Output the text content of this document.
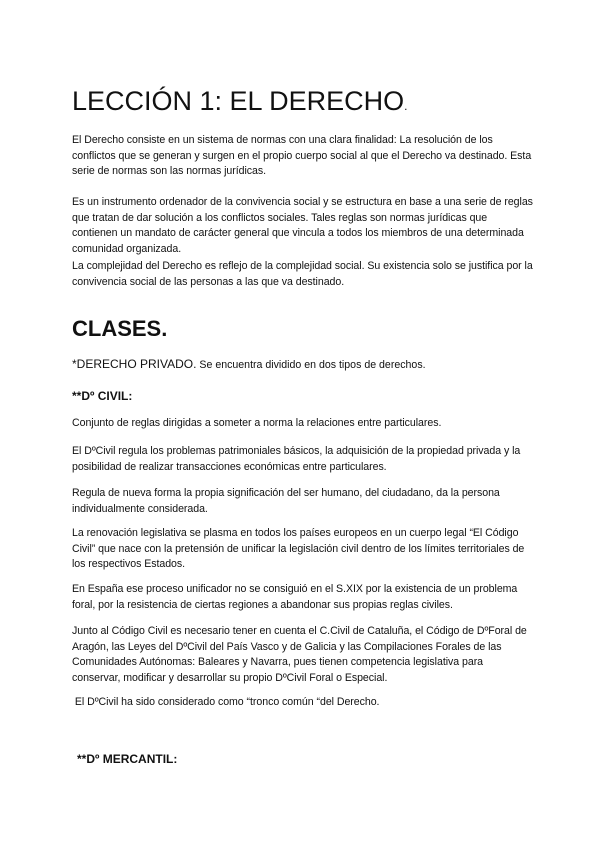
LECCIÓN 1: EL DERECHO.

El Derecho consiste en un sistema de normas con una clara finalidad: La resolución de los conflictos que se generan y surgen en el propio cuerpo social al que el Derecho va destinado. Esta serie de normas son las normas jurídicas.

Es un instrumento ordenador de la convivencia social y se estructura en base a una serie de reglas que tratan de dar solución a los conflictos sociales. Tales reglas son normas jurídicas que contienen un mandato de carácter general que vincula a todos los miembros de una determinada comunidad organizada.

La complejidad del Derecho es reflejo de la complejidad social. Su existencia solo se justifica por la convivencia social de las personas a las que va destinado.

CLASES.

*DERECHO PRIVADO. Se encuentra dividido en dos tipos de derechos.

**Dº CIVIL:

Conjunto de reglas dirigidas a someter a norma la relaciones entre particulares.

El DºCivil regula los problemas patrimoniales básicos, la adquisición de la propiedad privada y la posibilidad de realizar transacciones económicas entre particulares.

Regula de nueva forma la propia significación del ser humano, del ciudadano, da la persona individualmente considerada.

La renovación legislativa se plasma en todos los países europeos en un cuerpo legal “El Código Civil” que nace con la pretensión de unificar la legislación civil dentro de los límites territoriales de los respectivos Estados.

En España ese proceso unificador no se consiguió en el S.XIX por la existencia de un problema foral, por la resistencia de ciertas regiones a abandonar sus propias reglas civiles.

Junto al Código Civil es necesario tener en cuenta el C.Civil de Cataluña, el Código de DºForal de Aragón, las Leyes del DºCivil del País Vasco y de Galicia y las Compilaciones Forales de las Comunidades Autónomas: Baleares y Navarra, pues tienen competencia legislativa para conservar, modificar y desarrollar su propio DºCivil Foral o Especial.

El DºCivil ha sido considerado como “tronco común “del Derecho.

**Dº MERCANTIL:
